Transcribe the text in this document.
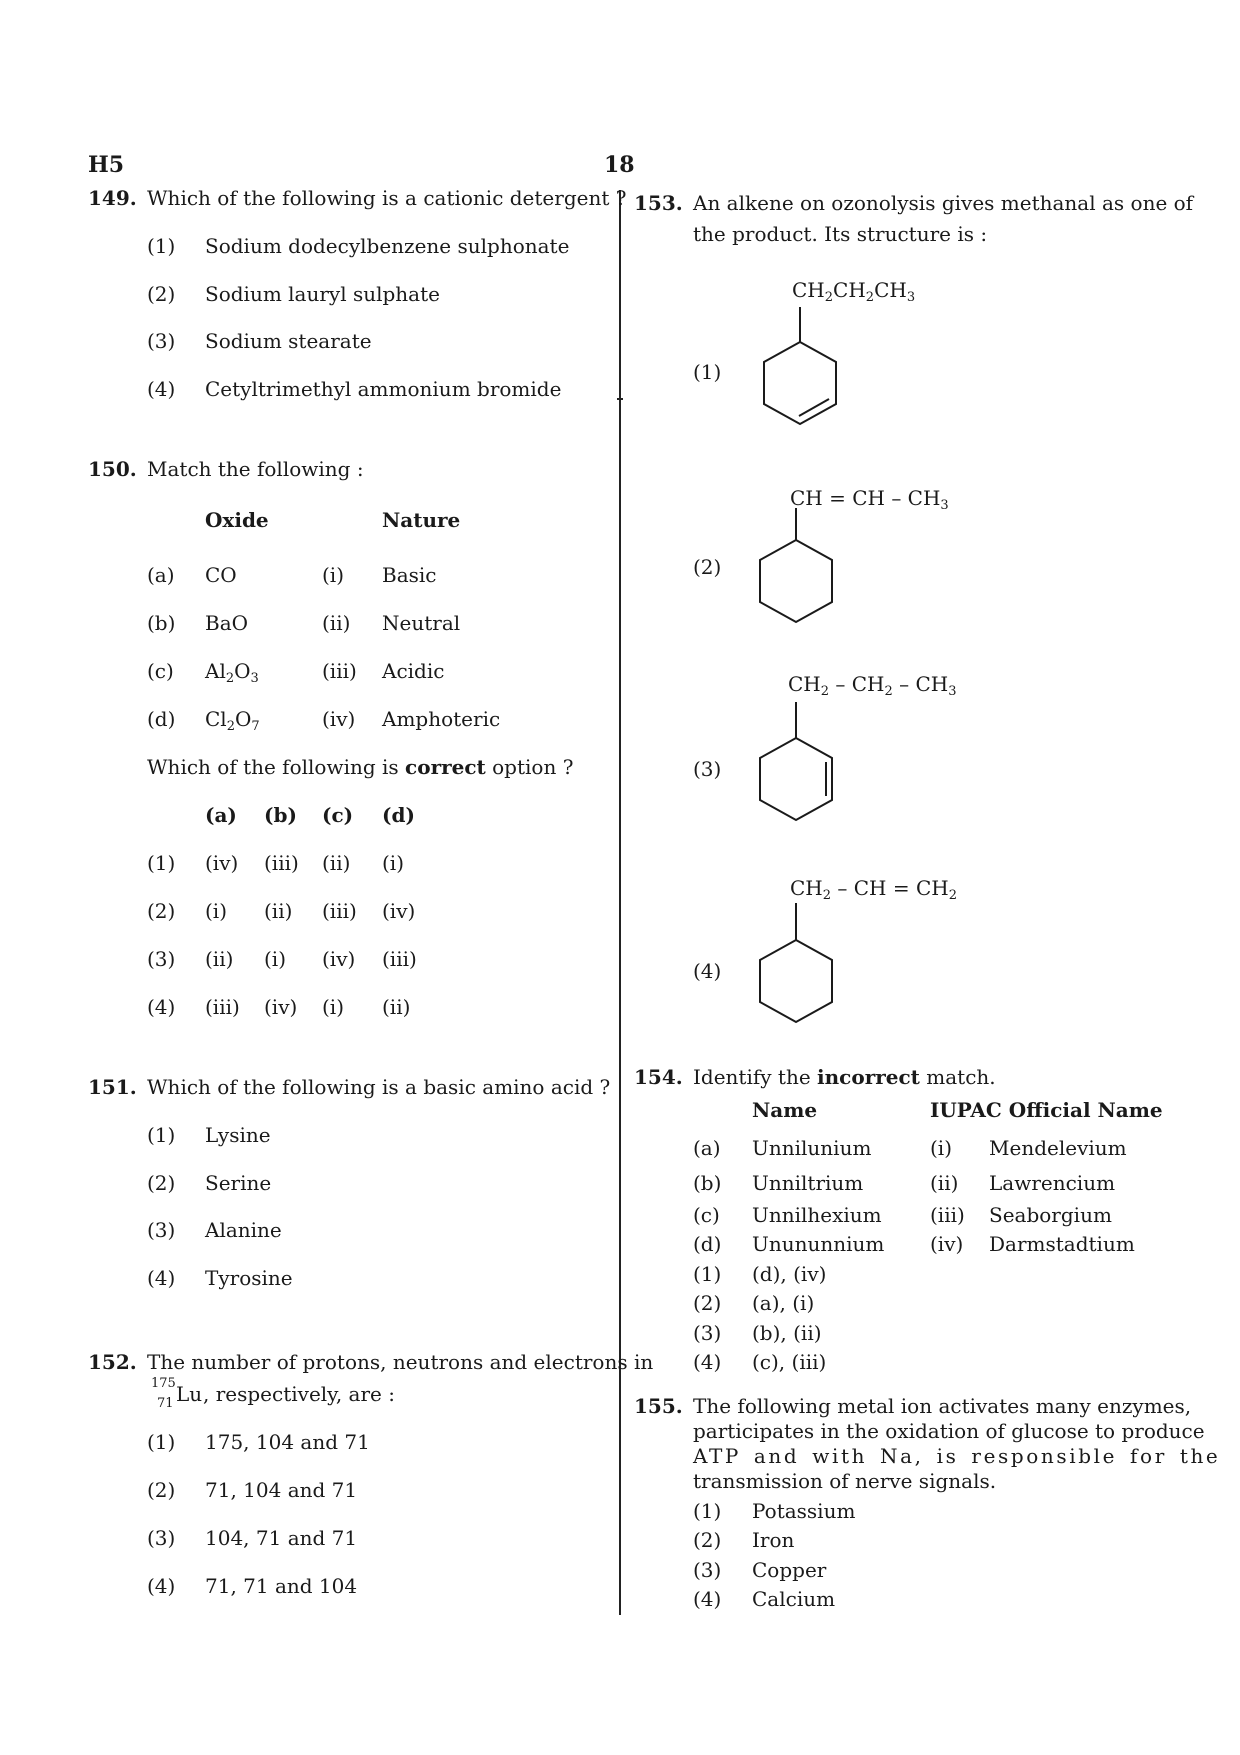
H5	18
149. Which of the following is a cationic detergent ?
(1) Sodium dodecylbenzene sulphonate
(2) Sodium lauryl sulphate
(3) Sodium stearate
(4) Cetyltrimethyl ammonium bromide
150. Match the following :
Oxide	Nature
(a) CO	(i) Basic
(b) BaO	(ii) Neutral
(c) $Al_2O_3$	(iii) Acidic
(d) $Cl_2O_7$	(iv) Amphoteric
Which of the following is correct option ?
(a) (b) (c) (d)
(1) (iv) (iii) (ii) (i)
(2) (i) (ii) (iii) (iv)
(3) (ii) (i) (iv) (iii)
(4) (iii) (iv) (i) (ii)
151. Which of the following is a basic amino acid ?
(1) Lysine
(2) Serine
(3) Alanine
(4) Tyrosine
152. The number of protons, neutrons and electrons in
175
71 Lu , respectively, are :
(1) 175, 104 and 71
(2) 71, 104 and 71
(3) 104, 71 and 71
(4) 71, 71 and 104
153. An alkene on ozonolysis gives methanal as one of
the product. Its structure is :
(1)
$CH_2CH_2CH_3$
(2)
CH = CH – $CH_3$
(3)
$CH_2 - CH_2 - CH_3$
(4)
$CH_2$ – CH = $CH_2$
154. Identify the incorrect match.
Name	IUPAC Official Name
(a) Unnilunium	(i) Mendelevium
(b) Unniltrium	(ii) Lawrencium
(c) Unnilhexium (iii) Seaborgium
(d) Unununnium (iv) Darmstadtium
(1) (d), (iv)
(2) (a), (i)
(3) (b), (ii)
(4) (c), (iii)
155. The following metal ion activates many enzymes,
participates in the oxidation of glucose to produce
ATP and with Na, is responsible for the
transmission of nerve signals.
(1) Potassium
(2) Iron
(3) Copper
(4) Calcium
